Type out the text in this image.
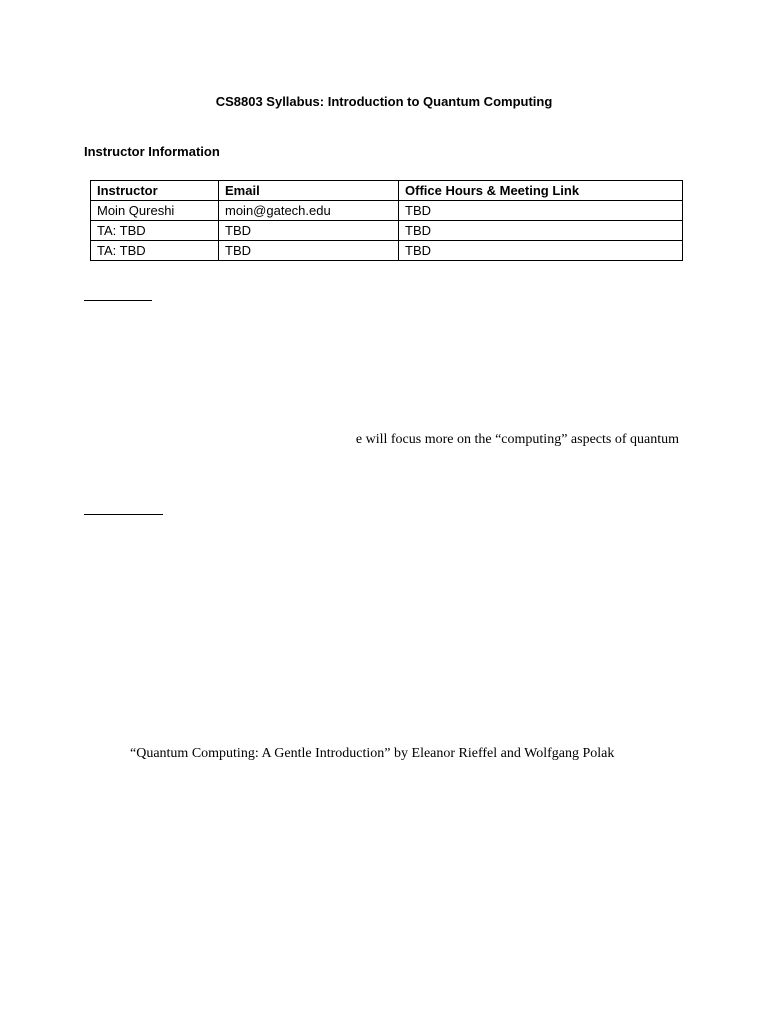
CS8803 Syllabus: Introduction to Quantum Computing
Instructor Information
Instructor	Email	Office Hours & Meeting Link
Moin Qureshi	moin@gatech.edu	TBD
TA: TBD	TBD	TBD
TA: TBD	TBD	TBD

e will focus more on the “computing” aspects of quantum

“Quantum Computing: A Gentle Introduction” by Eleanor Rieffel and Wolfgang Polak
